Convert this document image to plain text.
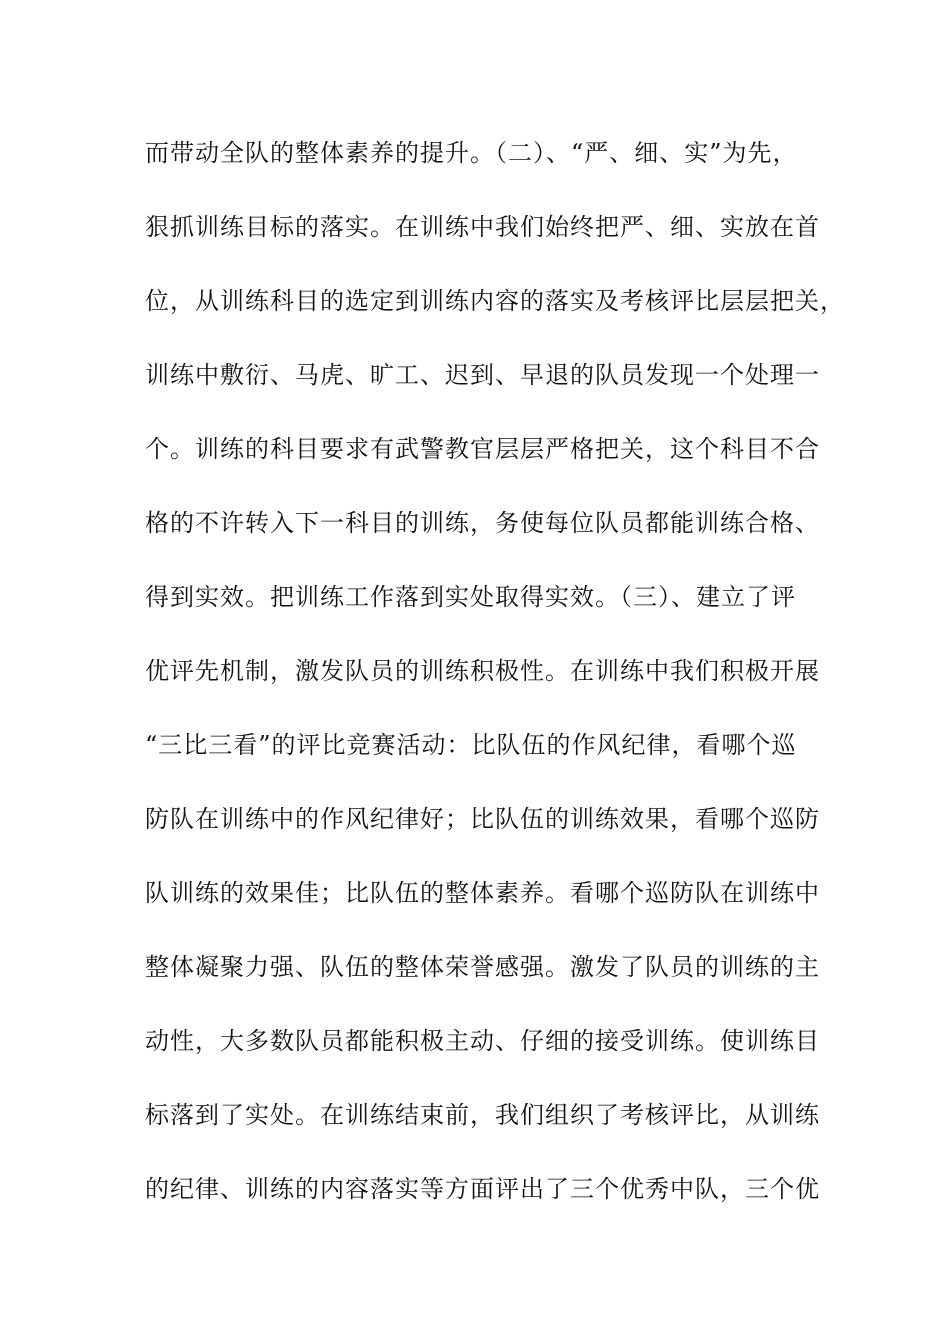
而带动全队的整体素养的提升。（二）、“严、细、实”为先，
狠抓训练目标的落实。在训练中我们始终把严、细、实放在首
位，从训练科目的选定到训练内容的落实及考核评比层层把关，
训练中敷衍、马虎、旷工、迟到、早退的队员发现一个处理一
个。训练的科目要求有武警教官层层严格把关，这个科目不合
格的不许转入下一科目的训练，务使每位队员都能训练合格、
得到实效。把训练工作落到实处取得实效。（三）、建立了评
优评先机制，激发队员的训练积极性。在训练中我们积极开展
“三比三看”的评比竞赛活动：比队伍的作风纪律，看哪个巡
防队在训练中的作风纪律好；比队伍的训练效果，看哪个巡防
队训练的效果佳；比队伍的整体素养。看哪个巡防队在训练中
整体凝聚力强、队伍的整体荣誉感强。激发了队员的训练的主
动性，大多数队员都能积极主动、仔细的接受训练。使训练目
标落到了实处。在训练结束前，我们组织了考核评比，从训练
的纪律、训练的内容落实等方面评出了三个优秀中队，三个优
